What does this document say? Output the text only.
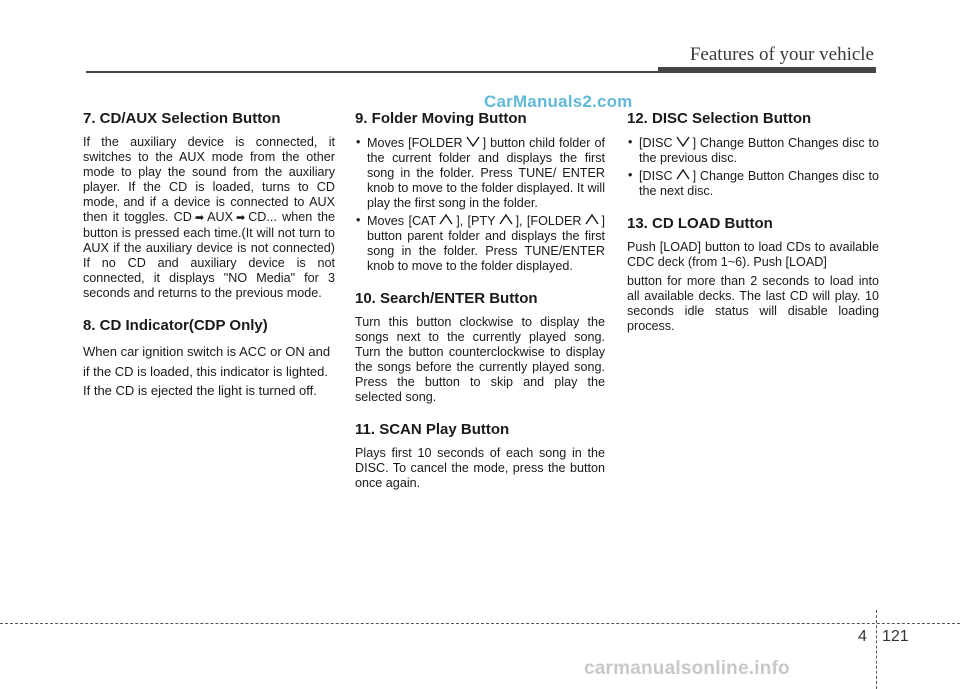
Features of your vehicle
CarManuals2.com
7. CD/AUX Selection Button

If the auxiliary device is connected, it switches to the AUX mode from the other mode to play the sound from the auxiliary player. If the CD is loaded, turns to CD mode, and if a device is connected to AUX then it toggles. CD ➡ AUX ➡ CD... when the button is pressed each time.(It will not turn to AUX if the auxiliary device is not connected) If no CD and auxiliary device is not connected, it displays "NO Media" for 3 seconds and returns to the previous mode.

8. CD Indicator(CDP Only)

When car ignition switch is ACC or ON and if the CD is loaded, this indicator is lighted. If the CD is ejected the light is turned off.

9. Folder Moving Button
• Moves [FOLDER ] button child folder of the current folder and displays the first song in the folder. Press TUNE/ ENTER knob to move to the folder displayed. It will play the first song in the folder.
• Moves [CAT ], [PTY ], [FOLDER ] button parent folder and displays the first song in the folder. Press TUNE/ENTER knob to move to the folder displayed.
10. Search/ENTER Button

Turn this button clockwise to display the songs next to the currently played song. Turn the button counterclockwise to display the songs before the currently played song. Press the button to skip and play the selected song.

11. SCAN Play Button

Plays first 10 seconds of each song in the DISC. To cancel the mode, press the button once again.

12. DISC Selection Button
• [DISC ] Change Button Changes disc to the previous disc.
• [DISC ] Change Button Changes disc to the next disc.
13. CD LOAD Button

Push [LOAD] button to load CDs to available CDC deck (from 1~6). Push [LOAD]

button for more than 2 seconds to load into all available decks. The last CD will play. 10 seconds idle status will disable loading process.

4 121
carmanualsonline.info
